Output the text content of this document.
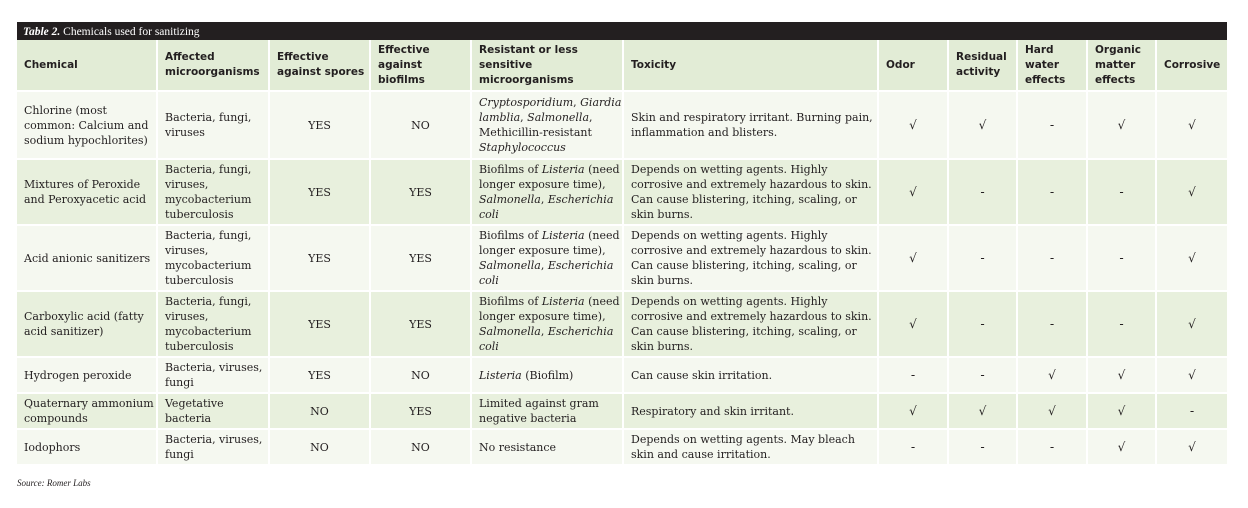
Table 2. Chemicals used for sanitizing
Chemical	Affected microorganisms	Effective against spores	Effective against biofilms	Resistant or less sensitive microorganisms	Toxicity	Odor	Residual activity	Hard water effects	Organic matter effects	Corrosive
Chlorine (most common: Calcium and sodium hypochlorites)	Bacteria, fungi, viruses	YES	NO	Cryptosporidium, Giardia lamblia, Salmonella, Methicillin-resistant Staphylococcus	Skin and respiratory irritant. Burning pain, inflammation and blisters.	√	√	-	√	√
Mixtures of Peroxide and Peroxyacetic acid	Bacteria, fungi, viruses, mycobacterium tuberculosis	YES	YES	Biofilms of Listeria (need longer exposure time), Salmonella, Escherichia coli	Depends on wetting agents. Highly corrosive and extremely hazardous to skin. Can cause blistering, itching, scaling, or skin burns.	√	-	-	-	√
Acid anionic sanitizers	Bacteria, fungi, viruses, mycobacterium tuberculosis	YES	YES	Biofilms of Listeria (need longer exposure time), Salmonella, Escherichia coli	Depends on wetting agents. Highly corrosive and extremely hazardous to skin. Can cause blistering, itching, scaling, or skin burns.	√	-	-	-	√
Carboxylic acid (fatty acid sanitizer)	Bacteria, fungi, viruses, mycobacterium tuberculosis	YES	YES	Biofilms of Listeria (need longer exposure time), Salmonella, Escherichia coli	Depends on wetting agents. Highly corrosive and extremely hazardous to skin. Can cause blistering, itching, scaling, or skin burns.	√	-	-	-	√
Hydrogen peroxide	Bacteria, viruses, fungi	YES	NO	Listeria (Biofilm)	Can cause skin irritation.	-	-	√	√	√
Quaternary ammonium compounds	Vegetative bacteria	NO	YES	Limited against gram negative bacteria	Respiratory and skin irritant.	√	√	√	√	-
Iodophors	Bacteria, viruses, fungi	NO	NO	No resistance	Depends on wetting agents. May bleach skin and cause irritation.	-	-	-	√	√
Source: Romer Labs
